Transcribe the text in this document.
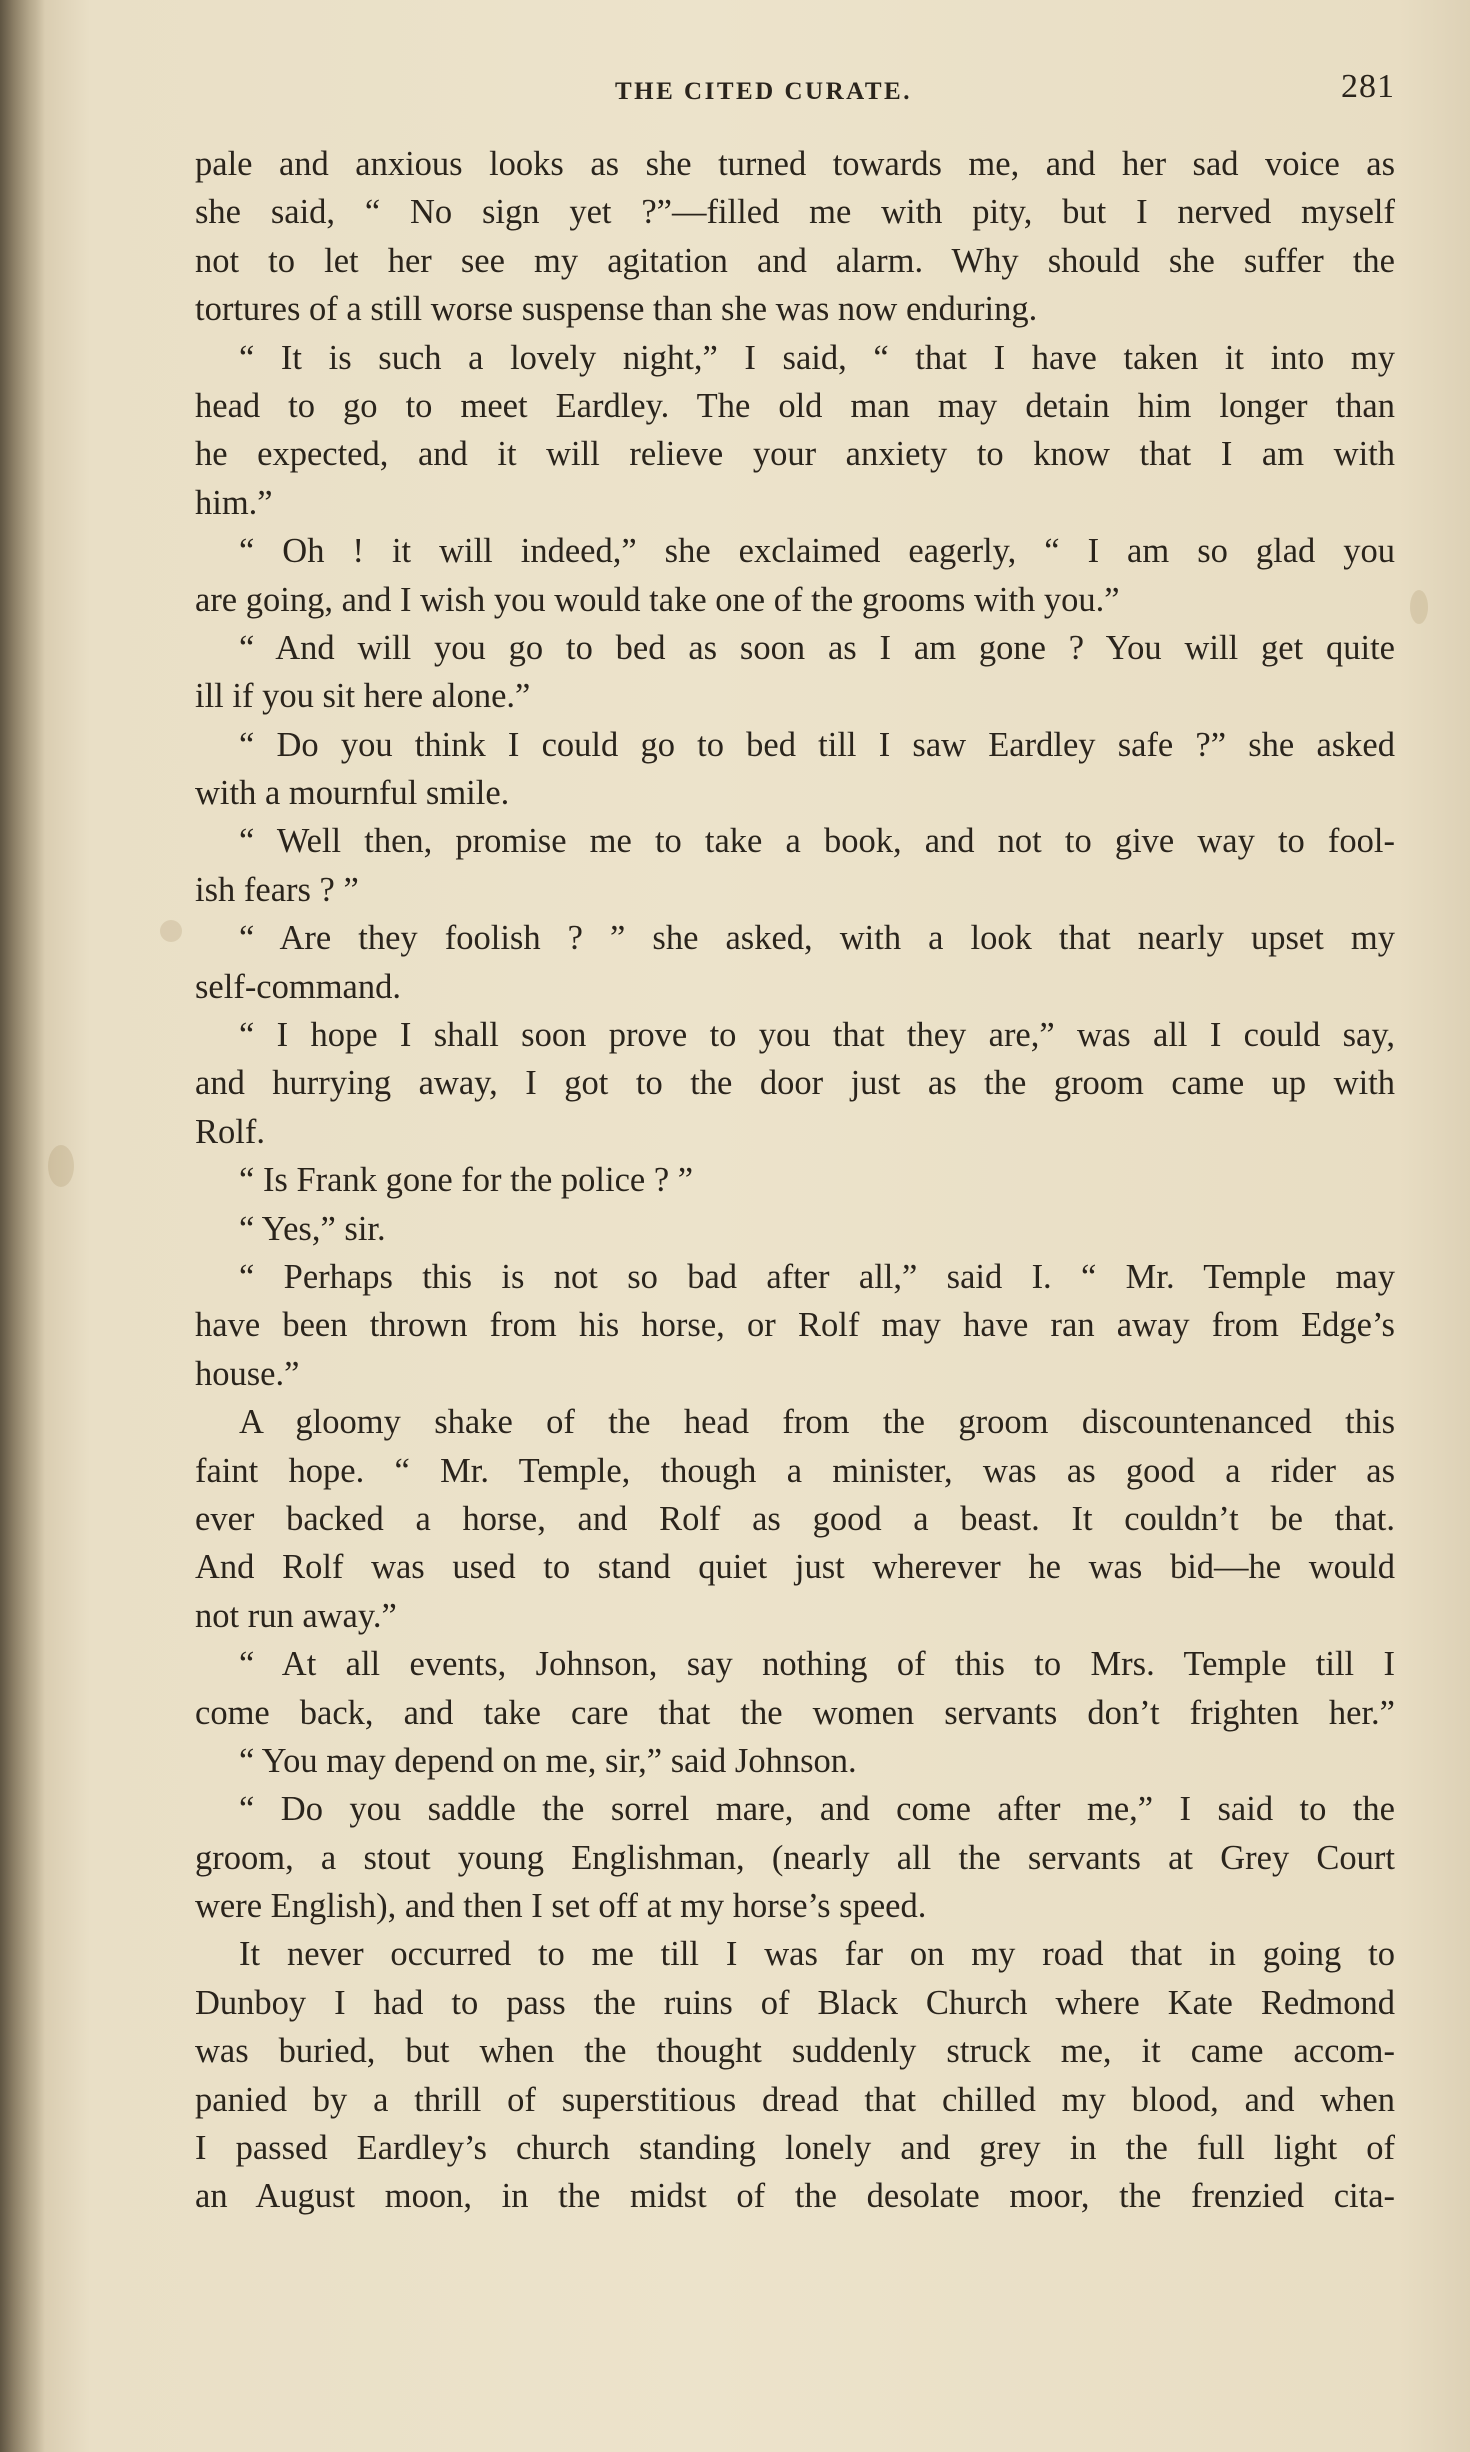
THE CITED CURATE.	281
pale and anxious looks as she turned towards me, and her sad voice as
she said, “ No sign yet ?”—filled me with pity, but I nerved myself
not to let her see my agitation and alarm. Why should she suffer the
tortures of a still worse suspense than she was now enduring.
“ It is such a lovely night,” I said, “ that I have taken it into my
head to go to meet Eardley. The old man may detain him longer than
he expected, and it will relieve your anxiety to know that I am with
him.”
“ Oh ! it will indeed,” she exclaimed eagerly, “ I am so glad you
are going, and I wish you would take one of the grooms with you.”
“ And will you go to bed as soon as I am gone ? You will get quite
ill if you sit here alone.”
“ Do you think I could go to bed till I saw Eardley safe ?” she asked
with a mournful smile.
“ Well then, promise me to take a book, and not to give way to fool-
ish fears ? ”
“ Are they foolish ? ” she asked, with a look that nearly upset my
self-command.
“ I hope I shall soon prove to you that they are,” was all I could say,
and hurrying away, I got to the door just as the groom came up with
Rolf.
“ Is Frank gone for the police ? ”
“ Yes,” sir.
“ Perhaps this is not so bad after all,” said I. “ Mr. Temple may
have been thrown from his horse, or Rolf may have ran away from Edge’s
house.”
A gloomy shake of the head from the groom discountenanced this
faint hope. “ Mr. Temple, though a minister, was as good a rider as
ever backed a horse, and Rolf as good a beast. It couldn’t be that.
And Rolf was used to stand quiet just wherever he was bid—he would
not run away.”
“ At all events, Johnson, say nothing of this to Mrs. Temple till I
come back, and take care that the women servants don’t frighten her.”
“ You may depend on me, sir,” said Johnson.
“ Do you saddle the sorrel mare, and come after me,” I said to the
groom, a stout young Englishman, (nearly all the servants at Grey Court
were English), and then I set off at my horse’s speed.
It never occurred to me till I was far on my road that in going to
Dunboy I had to pass the ruins of Black Church where Kate Redmond
was buried, but when the thought suddenly struck me, it came accom-
panied by a thrill of superstitious dread that chilled my blood, and when
I passed Eardley’s church standing lonely and grey in the full light of
an August moon, in the midst of the desolate moor, the frenzied cita-
